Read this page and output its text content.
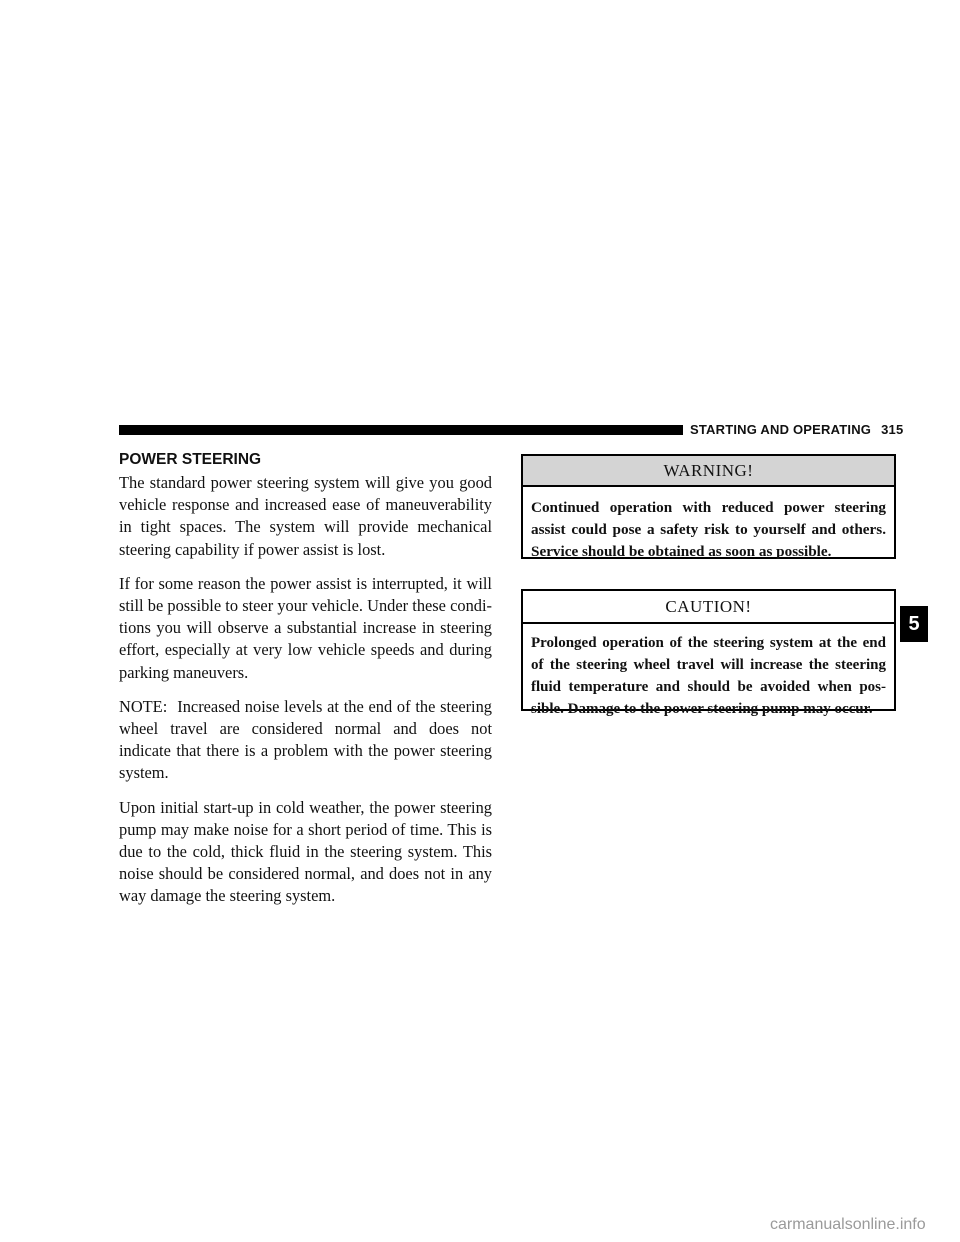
STARTING AND OPERATING 315
POWER STEERING

The standard power steering system will give you good vehicle response and increased ease of maneuverability in tight spaces. The system will provide mechanical steering capability if power assist is lost.

If for some reason the power assist is interrupted, it will still be possible to steer your vehicle. Under these condi-tions you will observe a substantial increase in steering effort, especially at very low vehicle speeds and during parking maneuvers.

NOTE: Increased noise levels at the end of the steering wheel travel are considered normal and does not indicate that there is a problem with the power steering system.

Upon initial start-up in cold weather, the power steering pump may make noise for a short period of time. This is due to the cold, thick fluid in the steering system. This noise should be considered normal, and does not in any way damage the steering system.

WARNING!
Continued operation with reduced power steering assist could pose a safety risk to yourself and others. Service should be obtained as soon as possible.
CAUTION!
Prolonged operation of the steering system at the end of the steering wheel travel will increase the steering fluid temperature and should be avoided when pos-sible. Damage to the power steering pump may occur.
5
carmanualsonline.info
